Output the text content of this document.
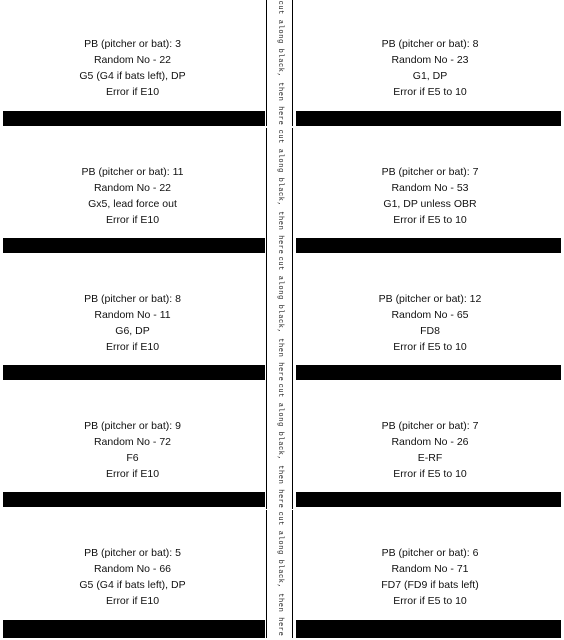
PB (pitcher or bat): 3
Random No - 22
G5 (G4 if bats left), DP
Error if E10
PB (pitcher or bat): 8
Random No - 23
G1, DP
Error if E5 to 10
cut along black, then here
PB (pitcher or bat): 11
Random No - 22
Gx5, lead force out
Error if E10
PB (pitcher or bat): 7
Random No - 53
G1, DP unless OBR
Error if E5 to 10
cut along black, then here
PB (pitcher or bat): 8
Random No - 11
G6, DP
Error if E10
PB (pitcher or bat): 12
Random No - 65
FD8
Error if E5 to 10
cut along black, then here
PB (pitcher or bat): 9
Random No - 72
F6
Error if E10
PB (pitcher or bat): 7
Random No - 26
E-RF
Error if E5 to 10
cut along black, then here
PB (pitcher or bat): 5
Random No - 66
G5 (G4 if bats left), DP
Error if E10
PB (pitcher or bat): 6
Random No - 71
FD7 (FD9 if bats left)
Error if E5 to 10
cut along black, then here
